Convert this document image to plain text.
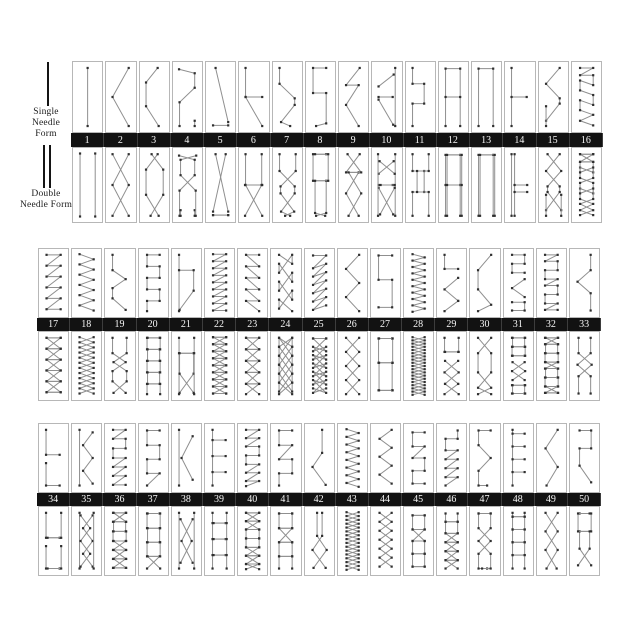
Single Needle Form
Double Needle Form
1	2	3	4	5	6	7	8	9	10 11 12 13 14 15 16
17 18 19 20 21 22 23 24 25 26 27 28 29 30 31 32 33
34 35 36 37 38 39 40 41 42 43 44 45 46 47 48 49 50
